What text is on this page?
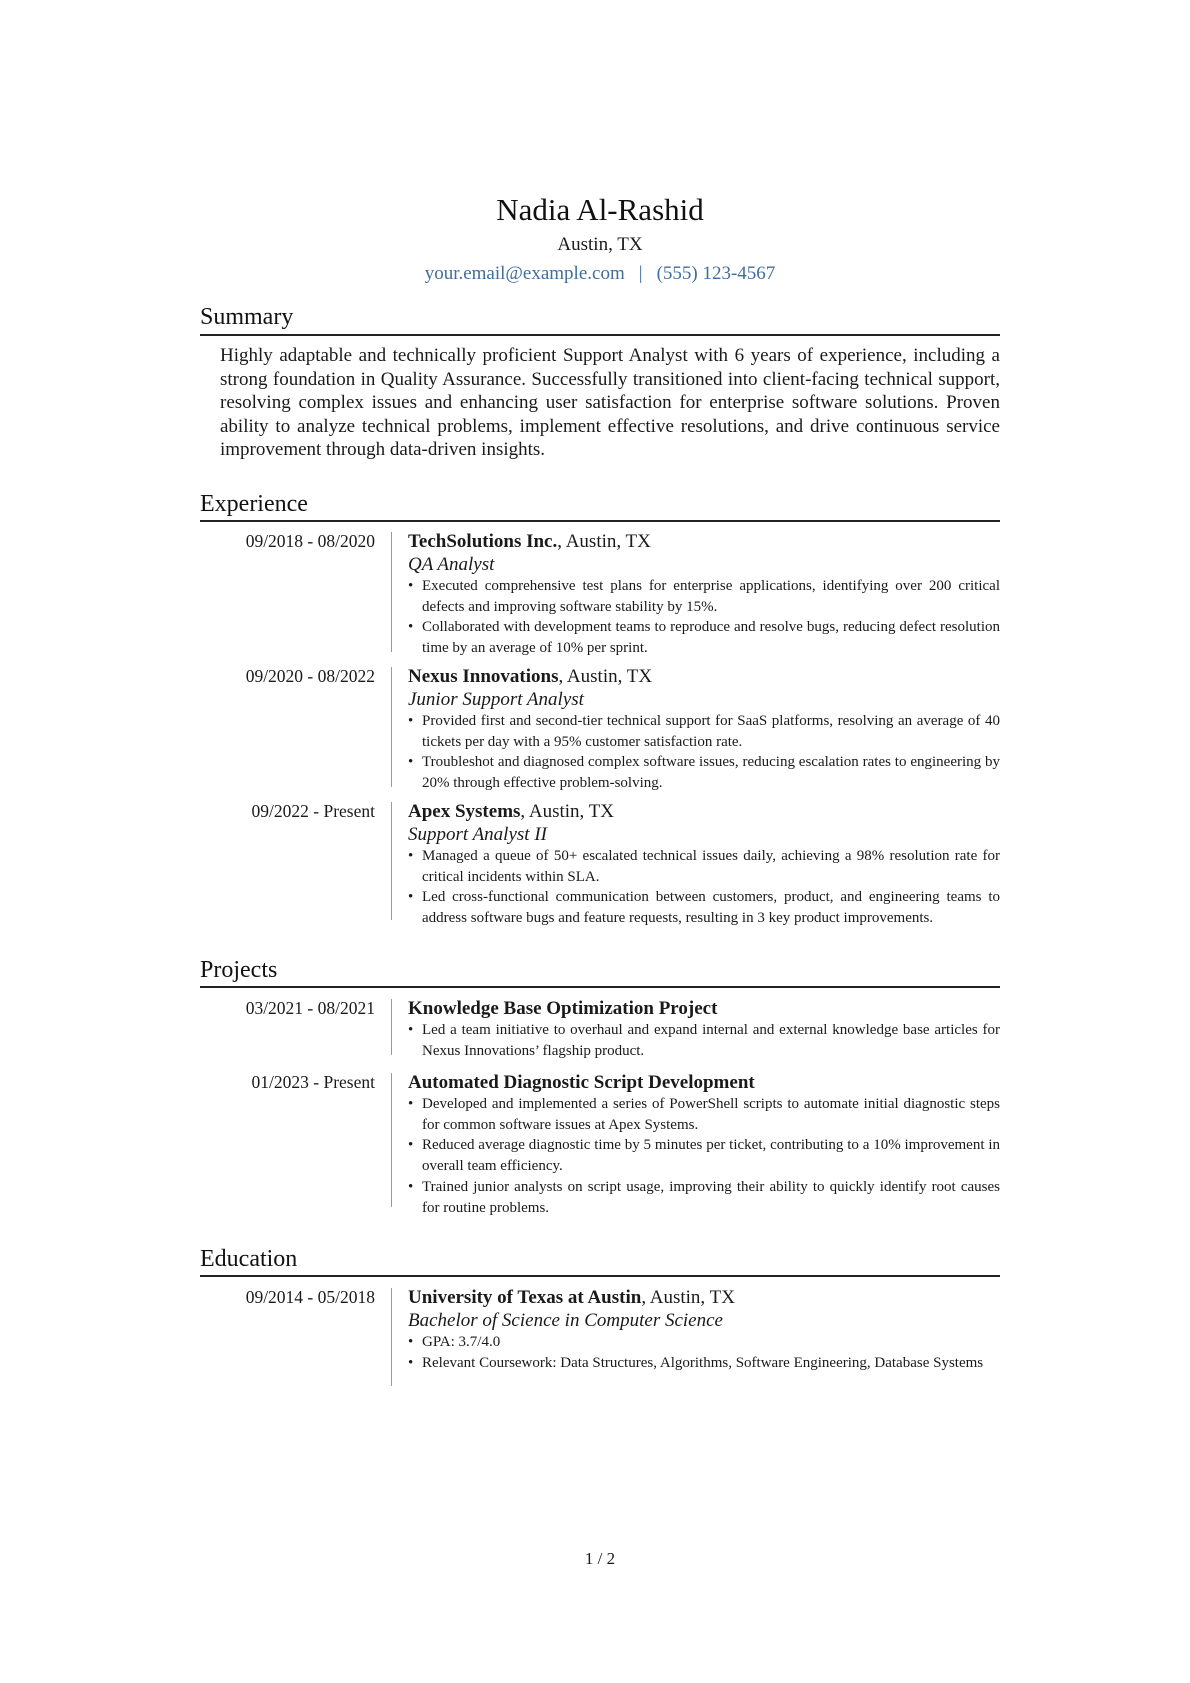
Nadia Al-Rashid
Austin, TX
your.email@example.com | (555) 123-4567
Summary
Highly adaptable and technically proficient Support Analyst with 6 years of experience, including a strong foundation in Quality Assurance. Successfully transitioned into client-facing technical support, resolving complex issues and enhancing user satisfaction for enterprise software solutions. Proven ability to analyze technical problems, implement effective resolutions, and drive continuous service improvement through data-driven insights.
Experience
09/2018 - 08/2020 TechSolutions Inc., Austin, TX
QA Analyst
• Executed comprehensive test plans for enterprise applications, identifying over 200 critical defects and improving software stability by 15%.
• Collaborated with development teams to reproduce and resolve bugs, reducing defect resolution time by an average of 10% per sprint.
09/2020 - 08/2022 Nexus Innovations, Austin, TX
Junior Support Analyst
• Provided first and second-tier technical support for SaaS platforms, resolving an average of 40 tickets per day with a 95% customer satisfaction rate.
• Troubleshot and diagnosed complex software issues, reducing escalation rates to engineering by 20% through effective problem-solving.
09/2022 - Present Apex Systems, Austin, TX
Support Analyst II
• Managed a queue of 50+ escalated technical issues daily, achieving a 98% resolution rate for critical incidents within SLA.
• Led cross-functional communication between customers, product, and engineering teams to address software bugs and feature requests, resulting in 3 key product improvements.
Projects
03/2021 - 08/2021 Knowledge Base Optimization Project
• Led a team initiative to overhaul and expand internal and external knowledge base articles for Nexus Innovations’ flagship product.
01/2023 - Present Automated Diagnostic Script Development
• Developed and implemented a series of PowerShell scripts to automate initial diagnostic steps for common software issues at Apex Systems.
• Reduced average diagnostic time by 5 minutes per ticket, contributing to a 10% improvement in overall team efficiency.
• Trained junior analysts on script usage, improving their ability to quickly identify root causes for routine problems.
Education
09/2014 - 05/2018 University of Texas at Austin, Austin, TX
Bachelor of Science in Computer Science
• GPA: 3.7/4.0
• Relevant Coursework: Data Structures, Algorithms, Software Engineering, Database Systems
1 / 2
